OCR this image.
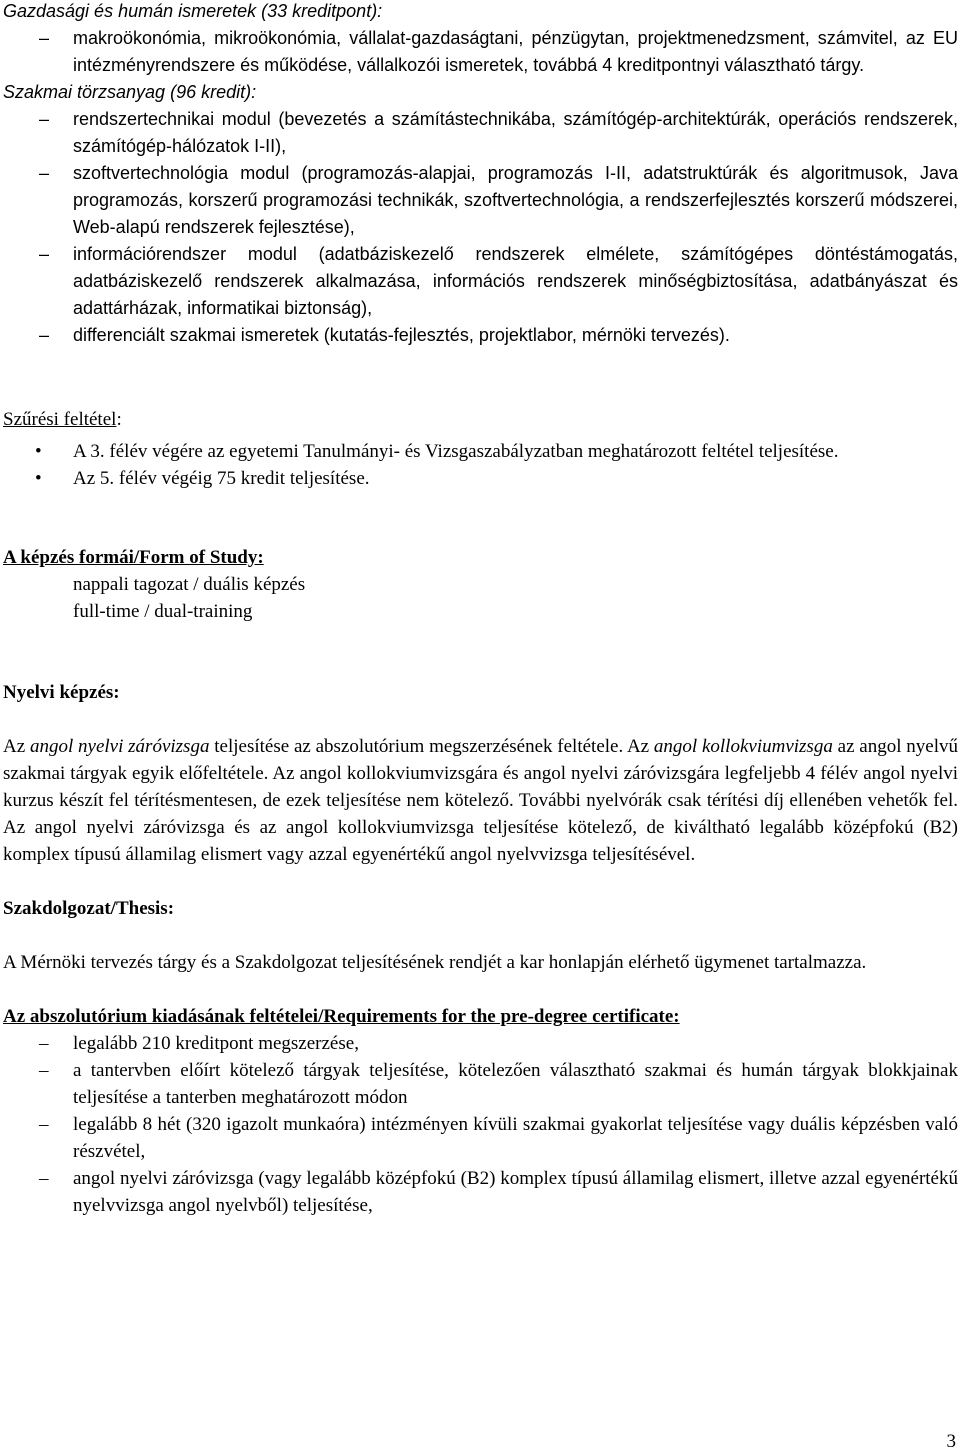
Gazdasági és humán ismeretek (33 kreditpont):

– makroökonómia, mikroökonómia, vállalat-gazdaságtani, pénzügytan, projektmenedzsment, számvitel, az EU intézményrendszere és működése, vállalkozói ismeretek, továbbá 4 kreditpontnyi választható tárgy.

Szakmai törzsanyag (96 kredit):

– rendszertechnikai modul (bevezetés a számítástechnikába, számítógép-architektúrák, operációs rendszerek, számítógép-hálózatok I-II),
– szoftvertechnológia modul (programozás-alapjai, programozás I-II, adatstruktúrák és algoritmusok, Java programozás, korszerű programozási technikák, szoftvertechnológia, a rendszerfejlesztés korszerű módszerei, Web-alapú rendszerek fejlesztése),
– információrendszer modul (adatbáziskezelő rendszerek elmélete, számítógépes döntéstámogatás, adatbáziskezelő rendszerek alkalmazása, információs rendszerek minőségbiztosítása, adatbányászat és adattárházak, informatikai biztonság),
– differenciált szakmai ismeretek (kutatás-fejlesztés, projektlabor, mérnöki tervezés).

Szűrési feltétel:

• A 3. félév végére az egyetemi Tanulmányi- és Vizsgaszabályzatban meghatározott feltétel teljesítése.
• Az 5. félév végéig 75 kredit teljesítése.

A képzés formái/Form of Study:

nappali tagozat / duális képzés

full-time / dual-training

Nyelvi képzés:

Az angol nyelvi záróvizsga teljesítése az abszolutórium megszerzésének feltétele. Az angol kollokviumvizsga az angol nyelvű szakmai tárgyak egyik előfeltétele. Az angol kollokviumvizsgára és angol nyelvi záróvizsgára legfeljebb 4 félév angol nyelvi kurzus készít fel térítésmentesen, de ezek teljesítése nem kötelező. További nyelvórák csak térítési díj ellenében vehetők fel. Az angol nyelvi záróvizsga és az angol kollokviumvizsga teljesítése kötelező, de kiváltható legalább középfokú (B2) komplex típusú államilag elismert vagy azzal egyenértékű angol nyelvvizsga teljesítésével.

Szakdolgozat/Thesis:

A Mérnöki tervezés tárgy és a Szakdolgozat teljesítésének rendjét a kar honlapján elérhető ügymenet tartalmazza.

Az abszolutórium kiadásának feltételei/Requirements for the pre-degree certificate:

– legalább 210 kreditpont megszerzése,
– a tantervben előírt kötelező tárgyak teljesítése, kötelezően választható szakmai és humán tárgyak blokkjainak teljesítése a tanterben meghatározott módon
– legalább 8 hét (320 igazolt munkaóra) intézményen kívüli szakmai gyakorlat teljesítése vagy duális képzésben való részvétel,
– angol nyelvi záróvizsga (vagy legalább középfokú (B2) komplex típusú államilag elismert, illetve azzal egyenértékű nyelvvizsga angol nyelvből) teljesítése,
3
